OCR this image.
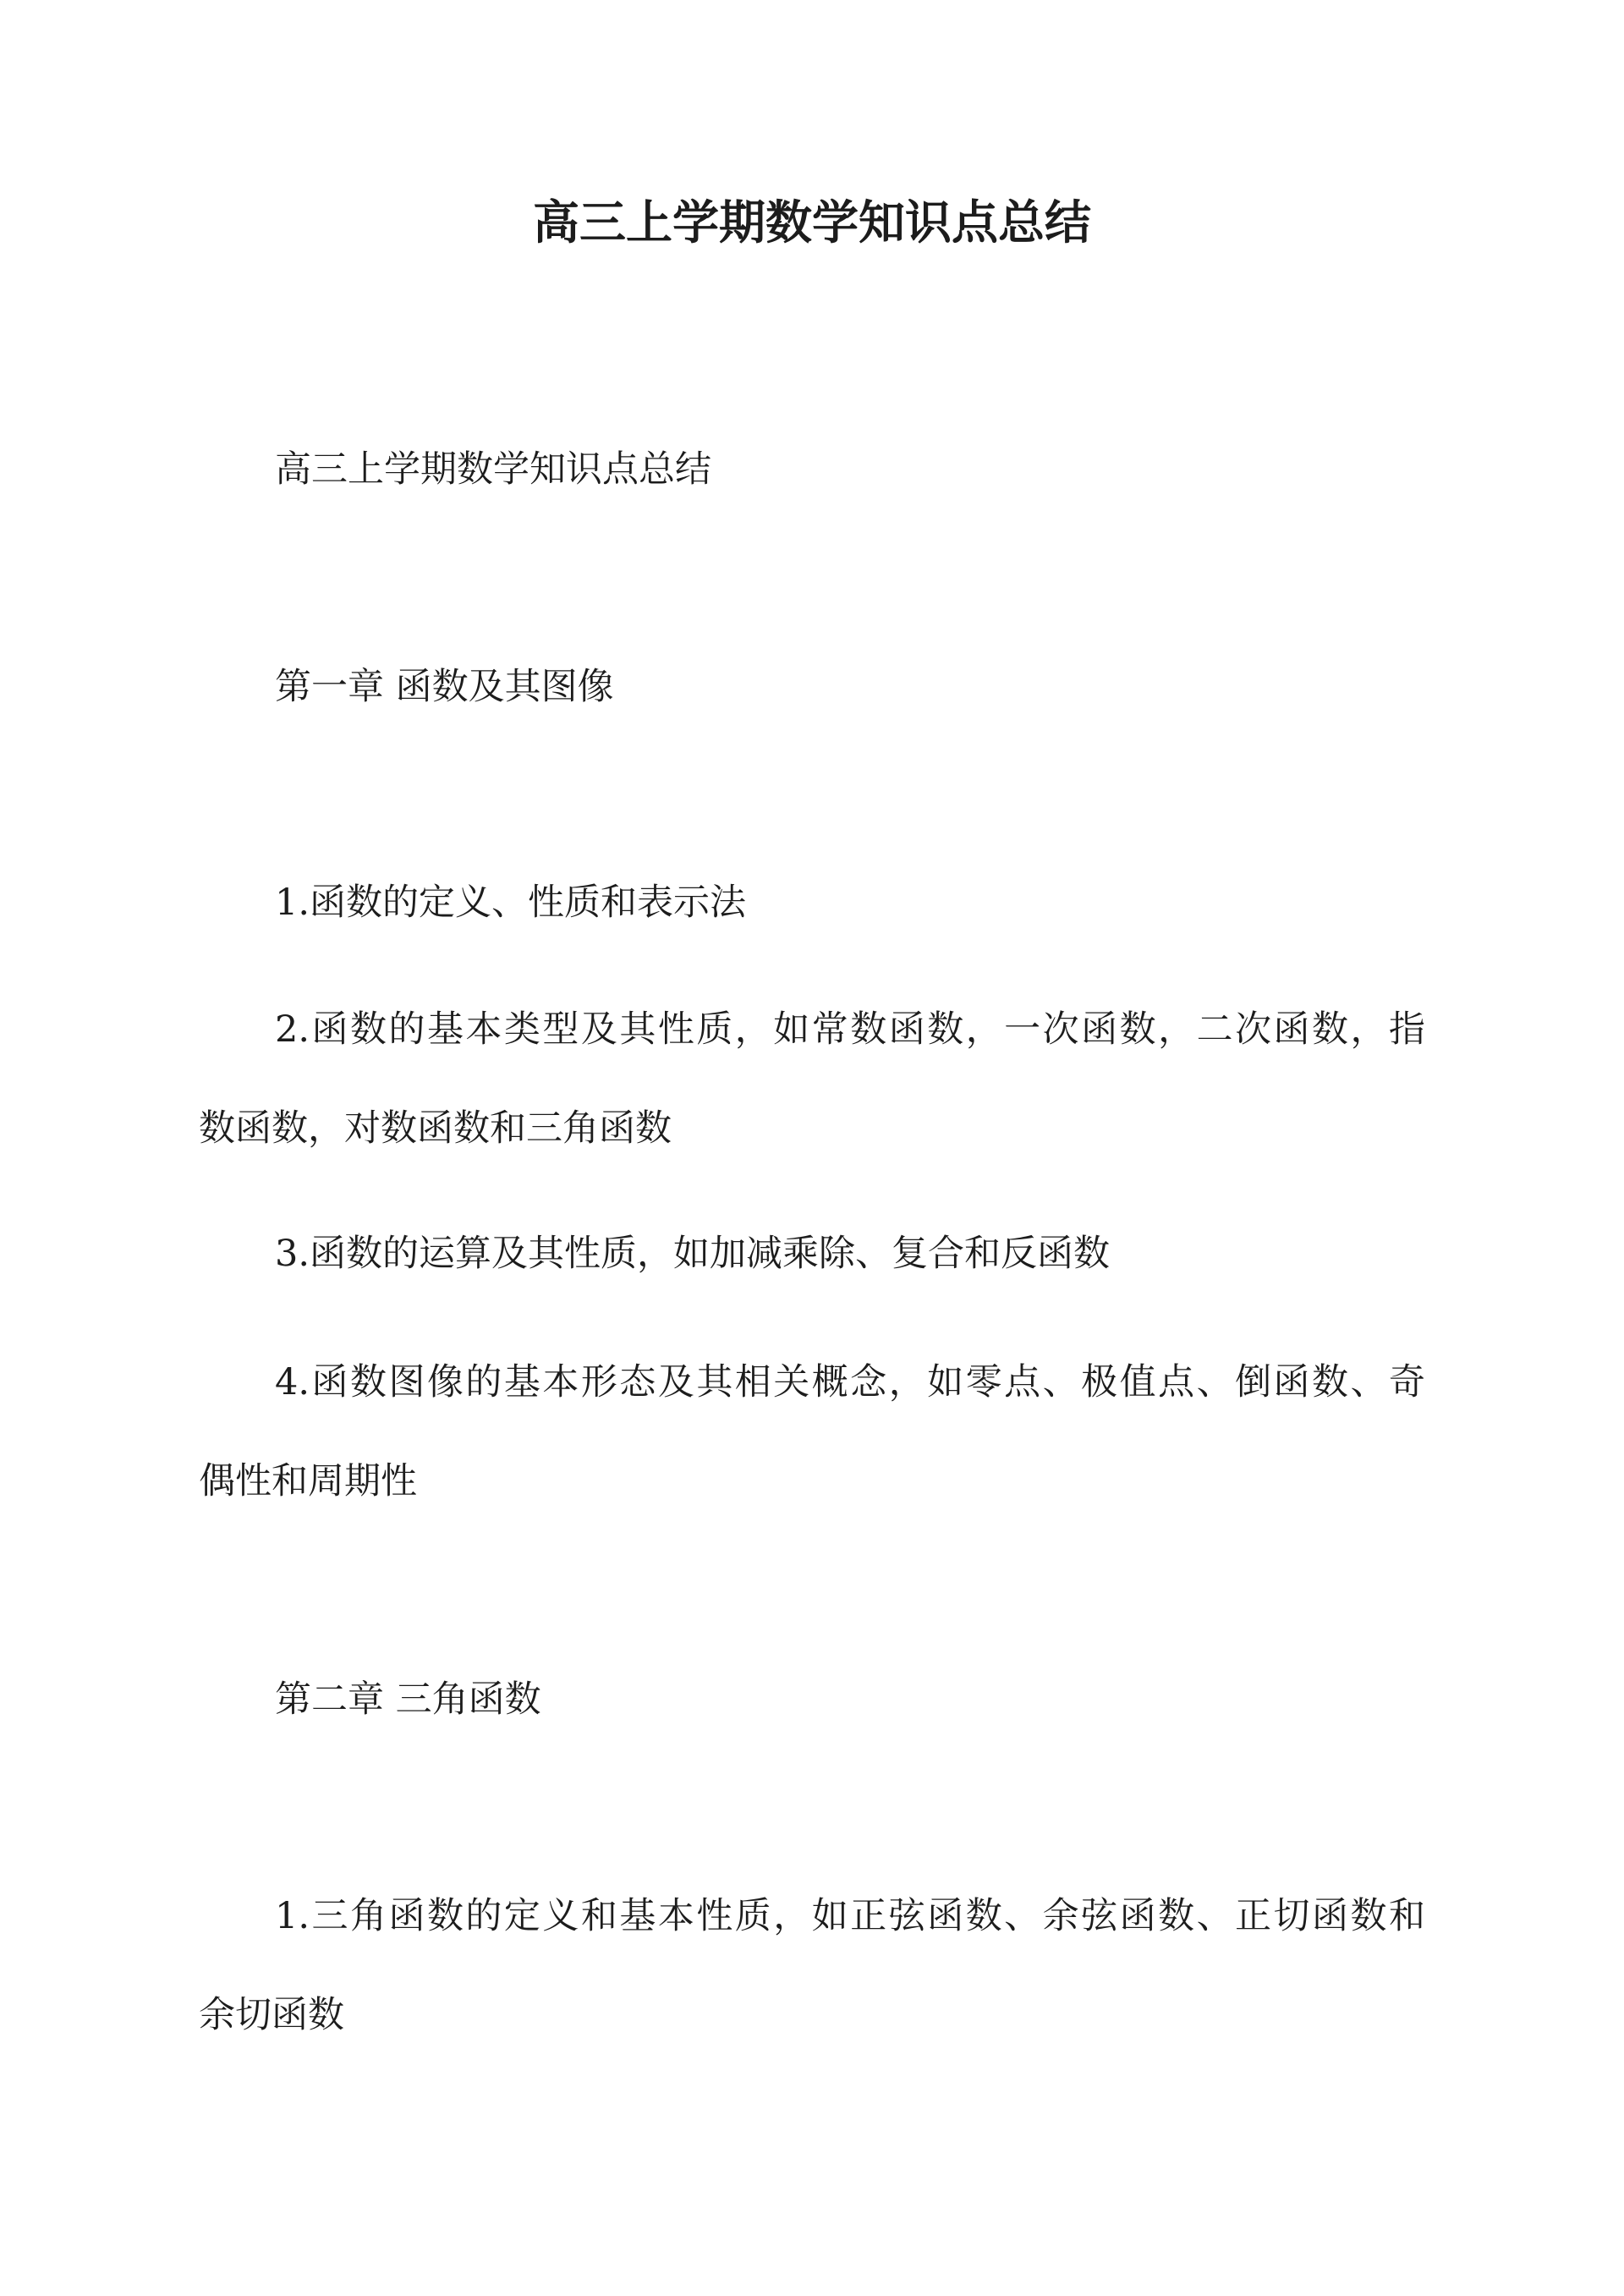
高三上学期数学知识点总结
高三上学期数学知识点总结
第一章 函数及其图像
1.函数的定义、性质和表示法
2.函数的基本类型及其性质，如常数函数，一次函数，二次函数，指
数函数，对数函数和三角函数
3.函数的运算及其性质，如加减乘除、复合和反函数
4.函数图像的基本形态及其相关概念，如零点、极值点、倒函数、奇
偶性和周期性
第二章 三角函数
1.三角函数的定义和基本性质，如正弦函数、余弦函数、正切函数和
余切函数
